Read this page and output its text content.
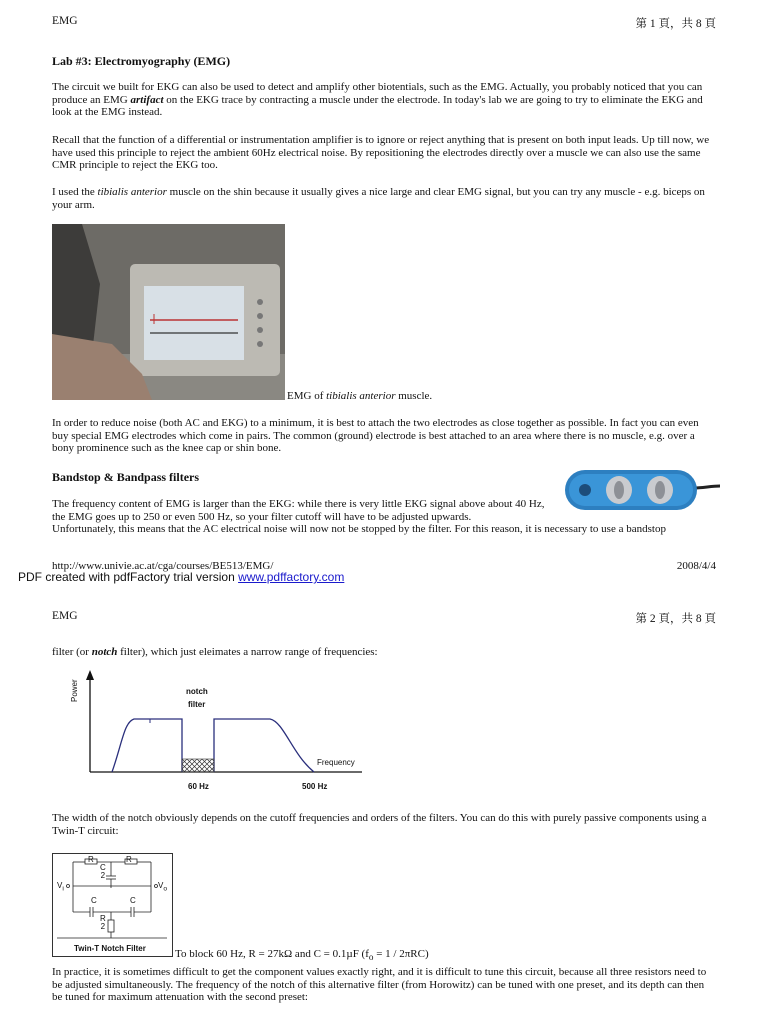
EMG	第 1 頁，共 8 頁
Lab #3: Electromyography (EMG)

The circuit we built for EKG can also be used to detect and amplify other biotentials, such as the EMG. Actually, you probably noticed that you can produce an EMG artifact on the EKG trace by contracting a muscle under the electrode. In today's lab we are going to try to eliminate the EKG and look at the EMG instead.

Recall that the function of a differential or instrumentation amplifier is to ignore or reject anything that is present on both input leads. Up till now, we have used this principle to reject the ambient 60Hz electrical noise. By repositioning the electrodes directly over a muscle we can also use the same CMR principle to reject the EKG too.

I used the tibialis anterior muscle on the shin because it usually gives a nice large and clear EMG signal, but you can try any muscle - e.g. biceps on your arm.

EMG of tibialis anterior muscle.

In order to reduce noise (both AC and EKG) to a minimum, it is best to attach the two electrodes as close together as possible. In fact you can even buy special EMG electrodes which come in pairs. The common (ground) electrode is best attached to an area where there is no muscle, e.g. over a bony prominence such as the knee cap or shin bone.

Bandstop & Bandpass filters

The frequency content of EMG is larger than the EKG: while there is very little EKG signal above about 40 Hz, the EMG goes up to 250 or even 500 Hz, so your filter cutoff will have to be adjusted upwards.

Unfortunately, this means that the AC electrical noise will now not be stopped by the filter. For this reason, it is necessary to use a bandstop

http://www.univie.ac.at/cga/courses/BE513/EMG/	2008/4/4
PDF created with pdfFactory trial version www.pdffactory.com
EMG	第 2 頁，共 8 頁

filter (or notch filter), which just eleimates a narrow range of frequencies:

Power
Frequency
notch
filter
60 Hz	500 Hz

The width of the notch obviously depends on the cutoff frequencies and orders of the filters. You can do this with purely passive components using a Twin-T circuit:

R	R
C
2
C	C
R
2
$V_i$	$V_o$
Twin-T Notch Filter	To block 60 Hz, R = 27kΩ and C = 0.1µF $(f_o = 1 / 2\pi RC)$

In practice, it is sometimes difficult to get the component values exactly right, and it is difficult to tune this circuit, because all three resistors need to be adjusted simultaneously. The frequency of the notch of this alternative filter (from Horowitz) can be tuned with one preset, and its depth can then be tuned for maximum attenuation with the second preset:
